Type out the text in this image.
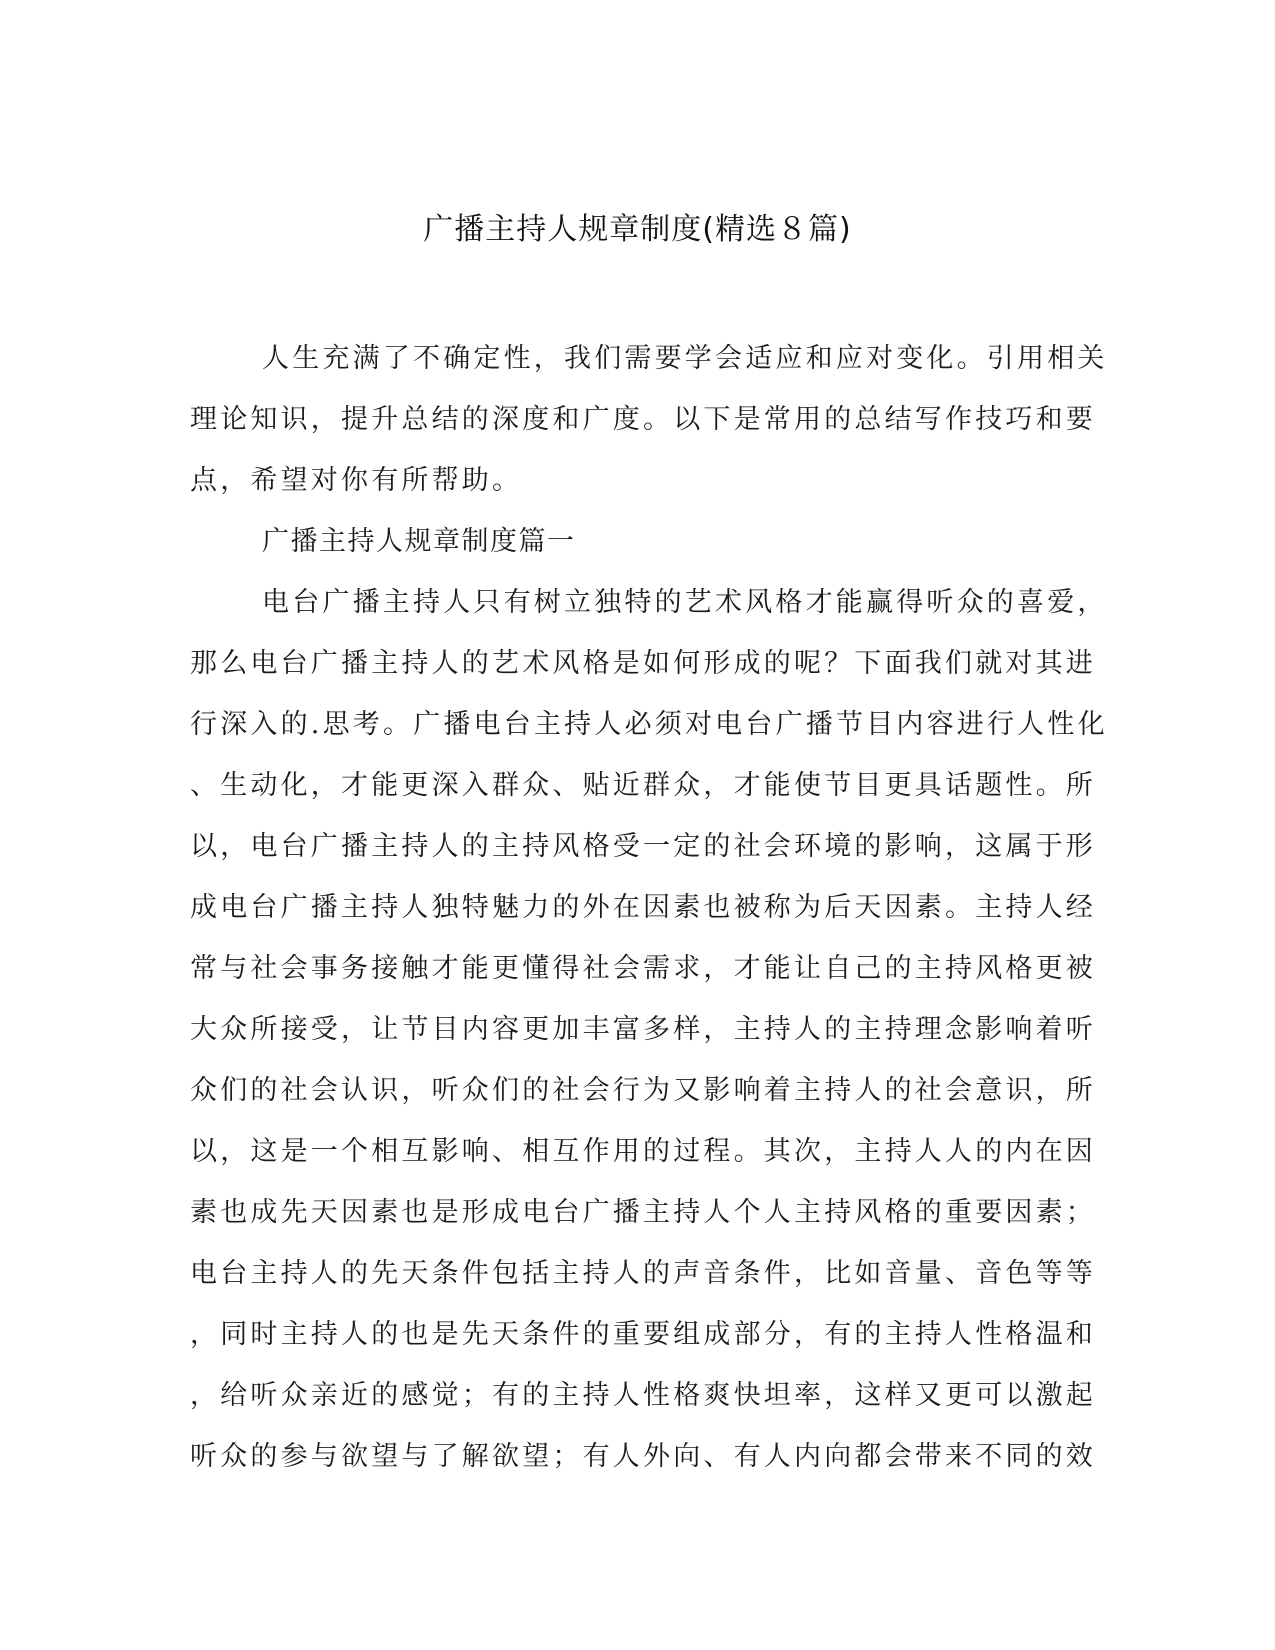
广播主持人规章制度(精选８篇)
人生充满了不确定性，我们需要学会适应和应对变化。引用相关
理论知识，提升总结的深度和广度。以下是常用的总结写作技巧和要
点，希望对你有所帮助。
广播主持人规章制度篇一
电台广播主持人只有树立独特的艺术风格才能赢得听众的喜爱，
那么电台广播主持人的艺术风格是如何形成的呢？下面我们就对其进
行深入的.思考。广播电台主持人必须对电台广播节目内容进行人性化
、生动化，才能更深入群众、贴近群众，才能使节目更具话题性。所
以，电台广播主持人的主持风格受一定的社会环境的影响，这属于形
成电台广播主持人独特魅力的外在因素也被称为后天因素。主持人经
常与社会事务接触才能更懂得社会需求，才能让自己的主持风格更被
大众所接受，让节目内容更加丰富多样，主持人的主持理念影响着听
众们的社会认识，听众们的社会行为又影响着主持人的社会意识，所
以，这是一个相互影响、相互作用的过程。其次，主持人人的内在因
素也成先天因素也是形成电台广播主持人个人主持风格的重要因素；
电台主持人的先天条件包括主持人的声音条件，比如音量、音色等等
，同时主持人的也是先天条件的重要组成部分，有的主持人性格温和
，给听众亲近的感觉；有的主持人性格爽快坦率，这样又更可以激起
听众的参与欲望与了解欲望；有人外向、有人内向都会带来不同的效
